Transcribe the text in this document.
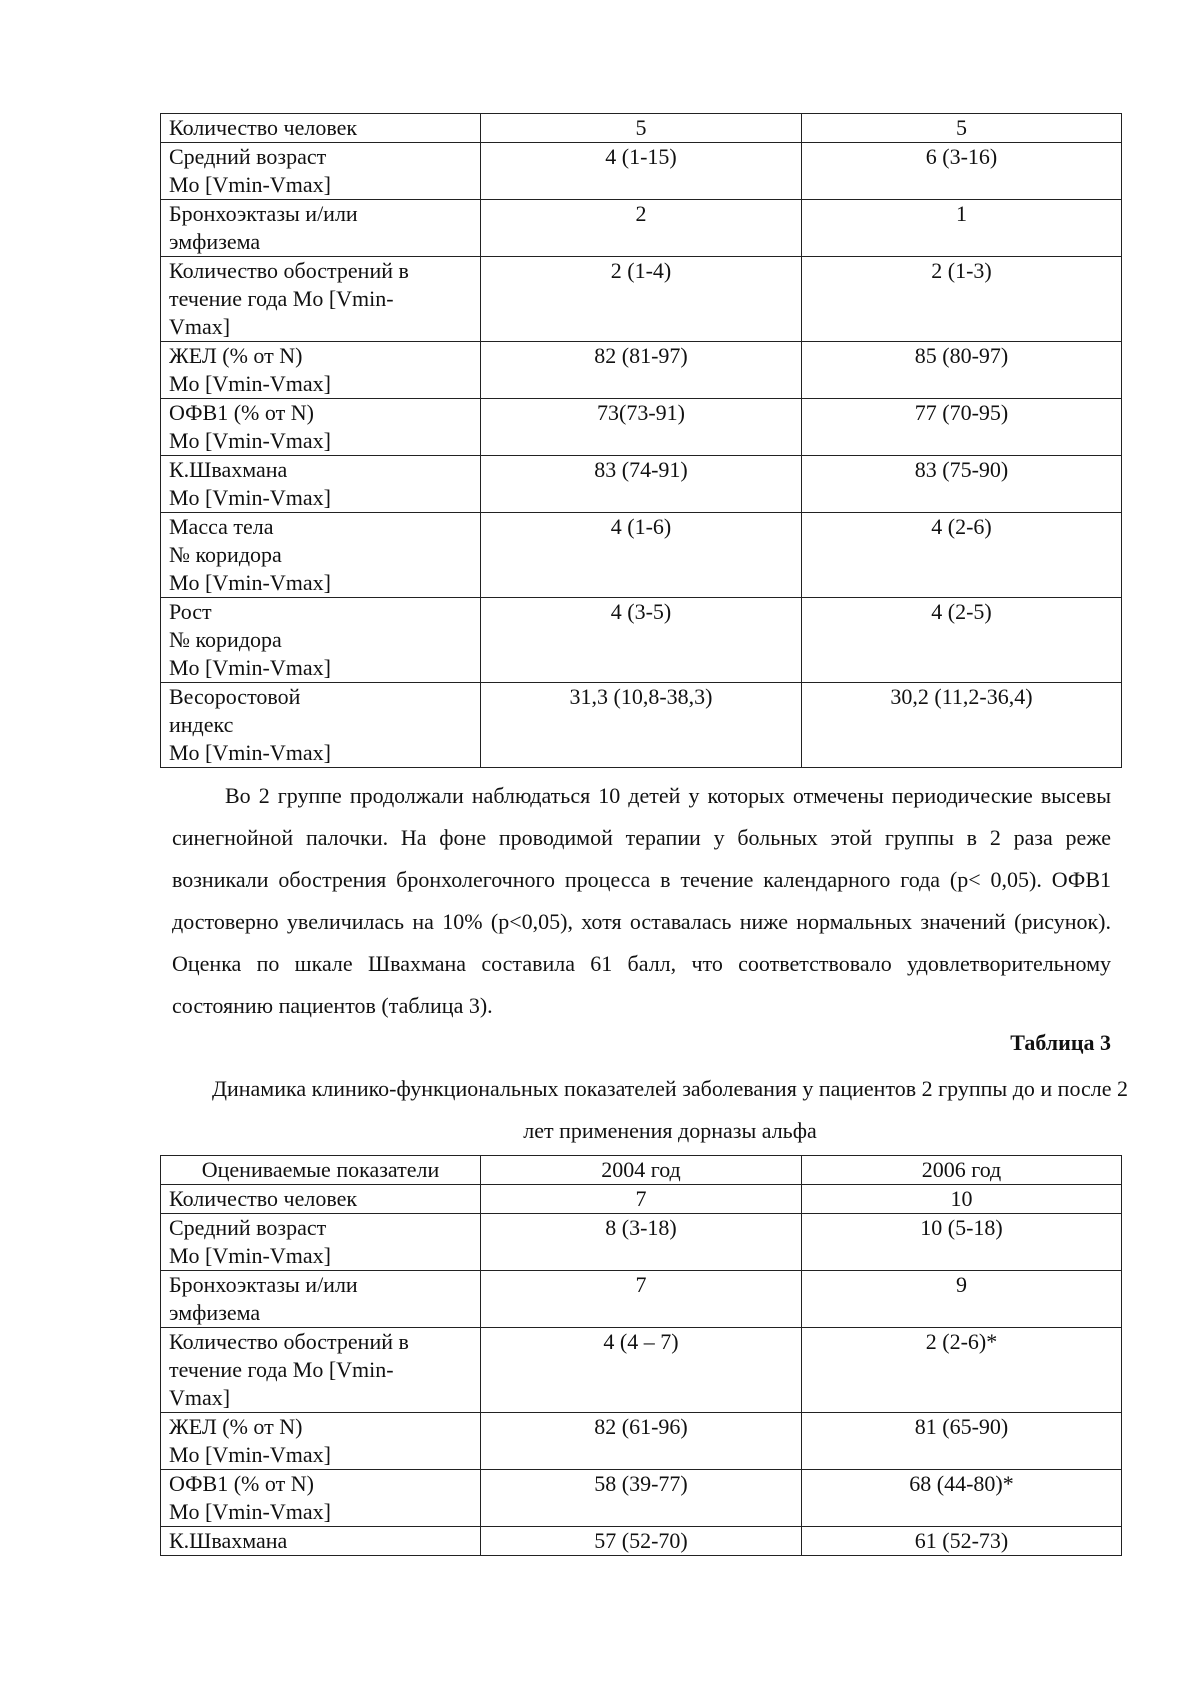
Количество человек	5	5

Средний возраст
Mo [Vmin-Vmax]	4 (1-15)	6 (3-16)

Бронхоэктазы и/или
эмфизема	2	1

Количество обострений в
течение года Mo [Vmin-
Vmax]	2 (1-4)	2 (1-3)

ЖЕЛ (% от N)
Mo [Vmin-Vmax]	82 (81-97)	85 (80-97)

ОФВ1 (% от N)
Mo [Vmin-Vmax]	73(73-91)	77 (70-95)

К.Швахмана
Mo [Vmin-Vmax]	83 (74-91)	83 (75-90)

Масса тела
№ коридора
Mo [Vmin-Vmax]	4 (1-6)	4 (2-6)

Рост
№ коридора
Mo [Vmin-Vmax]	4 (3-5)	4 (2-5)

Весоростовой
индекс
Mo [Vmin-Vmax]	31,3 (10,8-38,3)	30,2 (11,2-36,4)

Во 2 группе продолжали наблюдаться 10 детей у которых отмечены периодические высевы синегнойной палочки. На фоне проводимой терапии у больных этой группы в 2 раза реже возникали обострения бронхолегочного процесса в течение календарного года (p< 0,05). ОФВ1 достоверно увеличилась на 10% (p<0,05), хотя оставалась ниже нормальных значений (рисунок). Оценка по шкале Швахмана составила 61 балл, что соответствовало удовлетворительному состоянию пациентов (таблица 3).

Таблица 3

Динамика клинико-функциональных показателей заболевания у пациентов 2 группы до и после 2 лет применения дорназы альфа

Оцениваемые показатели	2004 год	2006 год

Количество человек	7	10

Средний возраст
Mo [Vmin-Vmax]	8 (3-18)	10 (5-18)

Бронхоэктазы и/или
эмфизема	7	9

Количество обострений в
течение года Mo [Vmin-
Vmax]	4 (4 – 7)	2 (2-6)*

ЖЕЛ (% от N)
Mo [Vmin-Vmax]	82 (61-96)	81 (65-90)

ОФВ1 (% от N)
Mo [Vmin-Vmax]	58 (39-77)	68 (44-80)*

К.Швахмана	57 (52-70)	61 (52-73)
